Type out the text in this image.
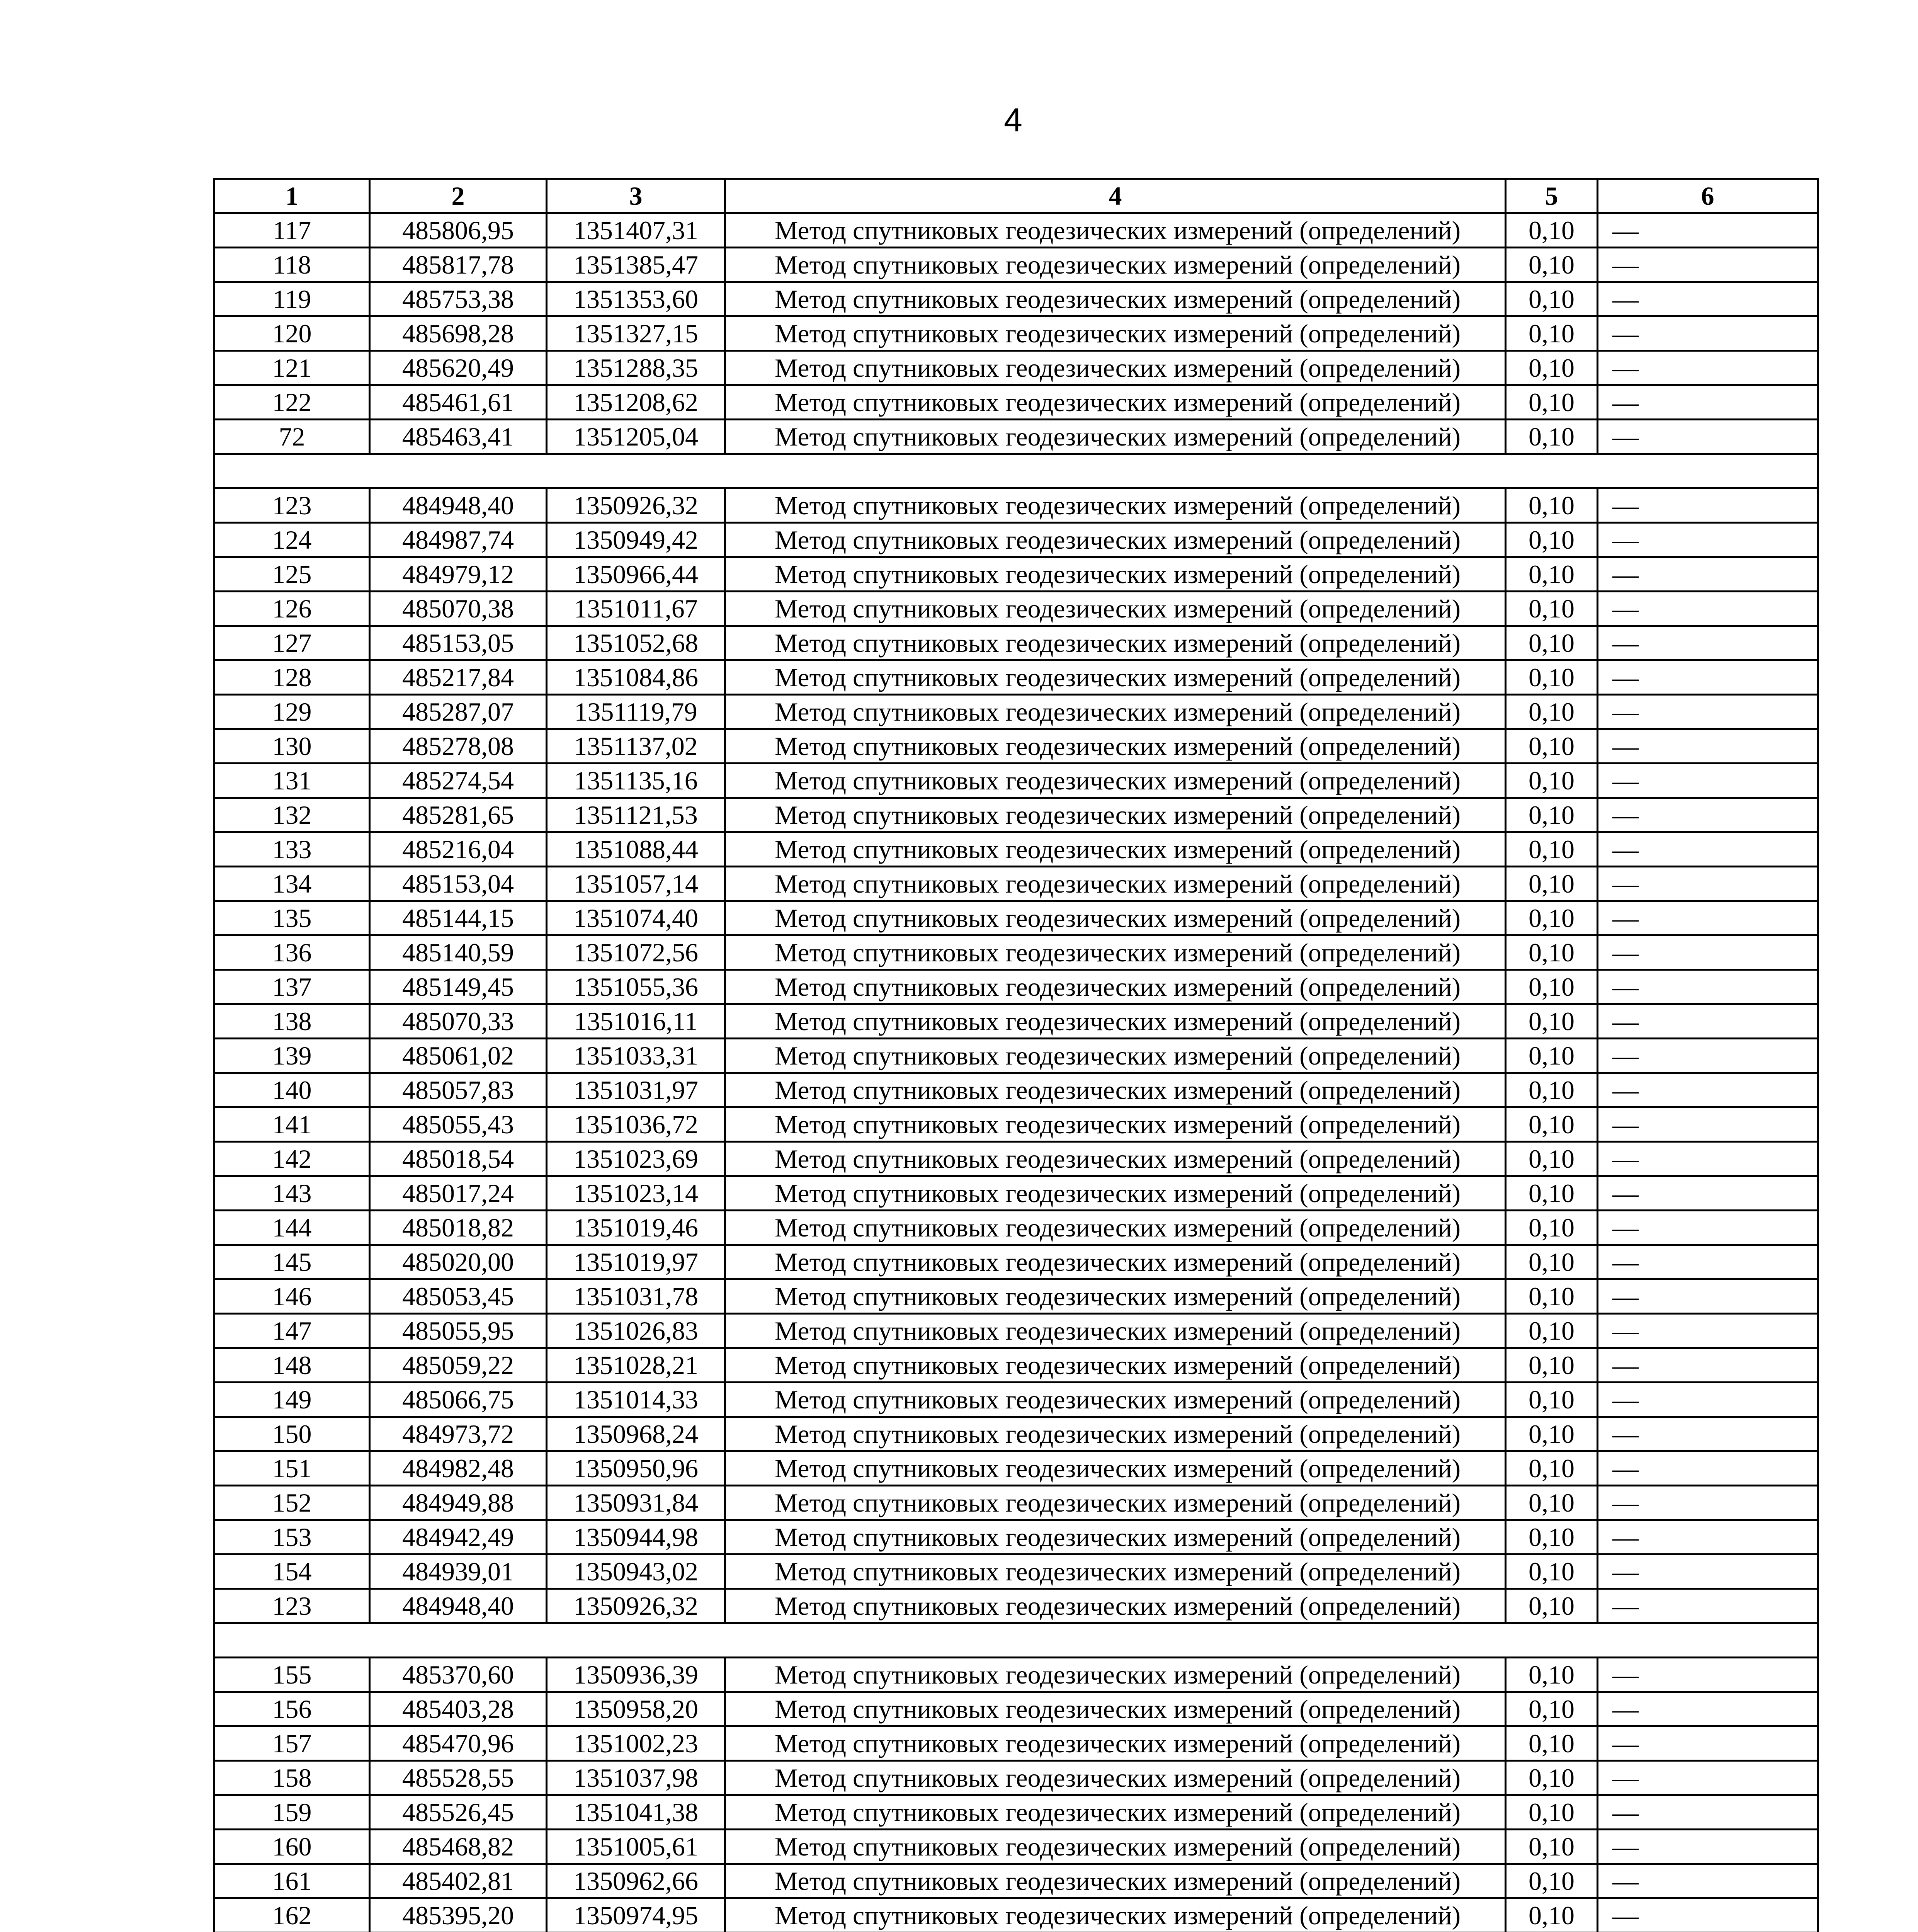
4
1	2	3	4	5	6
117	485806,95	1351407,31	Метод спутниковых геодезических измерений (определений)	0,10	—
118	485817,78	1351385,47	Метод спутниковых геодезических измерений (определений)	0,10	—
119	485753,38	1351353,60	Метод спутниковых геодезических измерений (определений)	0,10	—
120	485698,28	1351327,15	Метод спутниковых геодезических измерений (определений)	0,10	—
121	485620,49	1351288,35	Метод спутниковых геодезических измерений (определений)	0,10	—
122	485461,61	1351208,62	Метод спутниковых геодезических измерений (определений)	0,10	—
72	485463,41	1351205,04	Метод спутниковых геодезических измерений (определений)	0,10	—

123	484948,40	1350926,32	Метод спутниковых геодезических измерений (определений)	0,10	—
124	484987,74	1350949,42	Метод спутниковых геодезических измерений (определений)	0,10	—
125	484979,12	1350966,44	Метод спутниковых геодезических измерений (определений)	0,10	—
126	485070,38	1351011,67	Метод спутниковых геодезических измерений (определений)	0,10	—
127	485153,05	1351052,68	Метод спутниковых геодезических измерений (определений)	0,10	—
128	485217,84	1351084,86	Метод спутниковых геодезических измерений (определений)	0,10	—
129	485287,07	1351119,79	Метод спутниковых геодезических измерений (определений)	0,10	—
130	485278,08	1351137,02	Метод спутниковых геодезических измерений (определений)	0,10	—
131	485274,54	1351135,16	Метод спутниковых геодезических измерений (определений)	0,10	—
132	485281,65	1351121,53	Метод спутниковых геодезических измерений (определений)	0,10	—
133	485216,04	1351088,44	Метод спутниковых геодезических измерений (определений)	0,10	—
134	485153,04	1351057,14	Метод спутниковых геодезических измерений (определений)	0,10	—
135	485144,15	1351074,40	Метод спутниковых геодезических измерений (определений)	0,10	—
136	485140,59	1351072,56	Метод спутниковых геодезических измерений (определений)	0,10	—
137	485149,45	1351055,36	Метод спутниковых геодезических измерений (определений)	0,10	—
138	485070,33	1351016,11	Метод спутниковых геодезических измерений (определений)	0,10	—
139	485061,02	1351033,31	Метод спутниковых геодезических измерений (определений)	0,10	—
140	485057,83	1351031,97	Метод спутниковых геодезических измерений (определений)	0,10	—
141	485055,43	1351036,72	Метод спутниковых геодезических измерений (определений)	0,10	—
142	485018,54	1351023,69	Метод спутниковых геодезических измерений (определений)	0,10	—
143	485017,24	1351023,14	Метод спутниковых геодезических измерений (определений)	0,10	—
144	485018,82	1351019,46	Метод спутниковых геодезических измерений (определений)	0,10	—
145	485020,00	1351019,97	Метод спутниковых геодезических измерений (определений)	0,10	—
146	485053,45	1351031,78	Метод спутниковых геодезических измерений (определений)	0,10	—
147	485055,95	1351026,83	Метод спутниковых геодезических измерений (определений)	0,10	—
148	485059,22	1351028,21	Метод спутниковых геодезических измерений (определений)	0,10	—
149	485066,75	1351014,33	Метод спутниковых геодезических измерений (определений)	0,10	—
150	484973,72	1350968,24	Метод спутниковых геодезических измерений (определений)	0,10	—
151	484982,48	1350950,96	Метод спутниковых геодезических измерений (определений)	0,10	—
152	484949,88	1350931,84	Метод спутниковых геодезических измерений (определений)	0,10	—
153	484942,49	1350944,98	Метод спутниковых геодезических измерений (определений)	0,10	—
154	484939,01	1350943,02	Метод спутниковых геодезических измерений (определений)	0,10	—
123	484948,40	1350926,32	Метод спутниковых геодезических измерений (определений)	0,10	—

155	485370,60	1350936,39	Метод спутниковых геодезических измерений (определений)	0,10	—
156	485403,28	1350958,20	Метод спутниковых геодезических измерений (определений)	0,10	—
157	485470,96	1351002,23	Метод спутниковых геодезических измерений (определений)	0,10	—
158	485528,55	1351037,98	Метод спутниковых геодезических измерений (определений)	0,10	—
159	485526,45	1351041,38	Метод спутниковых геодезических измерений (определений)	0,10	—
160	485468,82	1351005,61	Метод спутниковых геодезических измерений (определений)	0,10	—
161	485402,81	1350962,66	Метод спутниковых геодезических измерений (определений)	0,10	—
162	485395,20	1350974,95	Метод спутниковых геодезических измерений (определений)	0,10	—
